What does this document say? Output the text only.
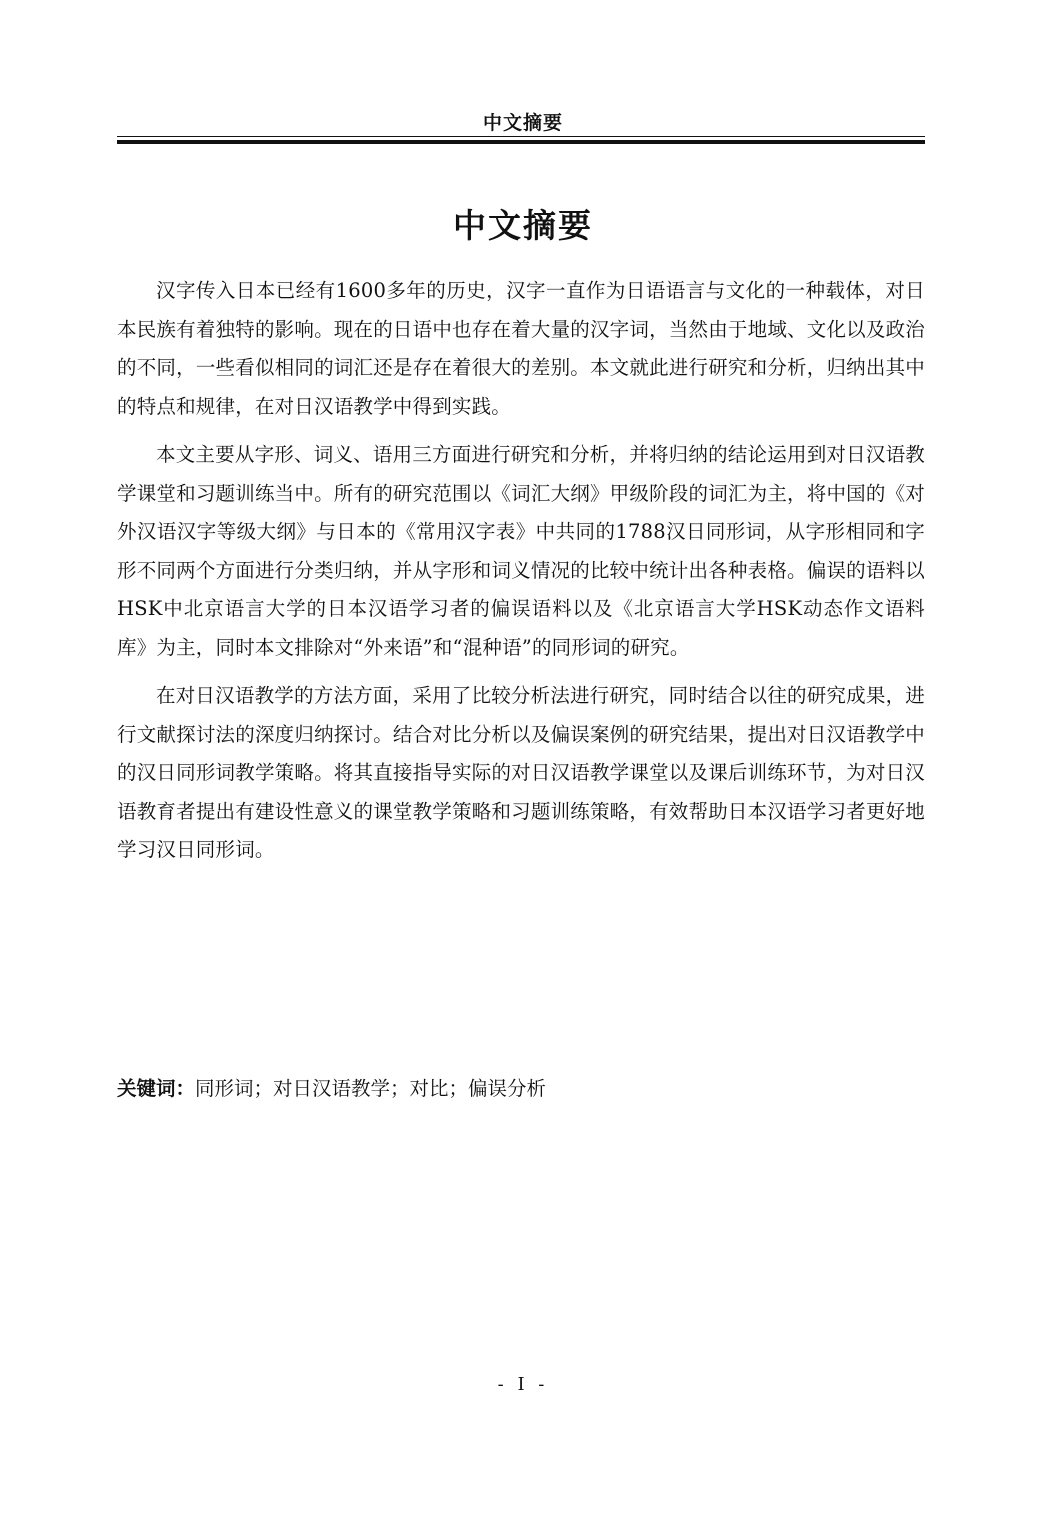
中文摘要
中文摘要

汉字传入日本已经有1600多年的历史，汉字一直作为日语语言与文化的一种载体，对日本民族有着独特的影响。现在的日语中也存在着大量的汉字词，当然由于地域、文化以及政治的不同，一些看似相同的词汇还是存在着很大的差别。本文就此进行研究和分析，归纳出其中的特点和规律，在对日汉语教学中得到实践。

本文主要从字形、词义、语用三方面进行研究和分析，并将归纳的结论运用到对日汉语教学课堂和习题训练当中。所有的研究范围以《词汇大纲》甲级阶段的词汇为主，将中国的《对外汉语汉字等级大纲》与日本的《常用汉字表》中共同的1788汉日同形词，从字形相同和字形不同两个方面进行分类归纳，并从字形和词义情况的比较中统计出各种表格。偏误的语料以HSK中北京语言大学的日本汉语学习者的偏误语料以及《北京语言大学HSK动态作文语料库》为主，同时本文排除对“外来语”和“混种语”的同形词的研究。

在对日汉语教学的方法方面，采用了比较分析法进行研究，同时结合以往的研究成果，进行文献探讨法的深度归纳探讨。结合对比分析以及偏误案例的研究结果，提出对日汉语教学中的汉日同形词教学策略。将其直接指导实际的对日汉语教学课堂以及课后训练环节，为对日汉语教育者提出有建设性意义的课堂教学策略和习题训练策略，有效帮助日本汉语学习者更好地学习汉日同形词。

关键词：同形词；对日汉语教学；对比；偏误分析
- I -
